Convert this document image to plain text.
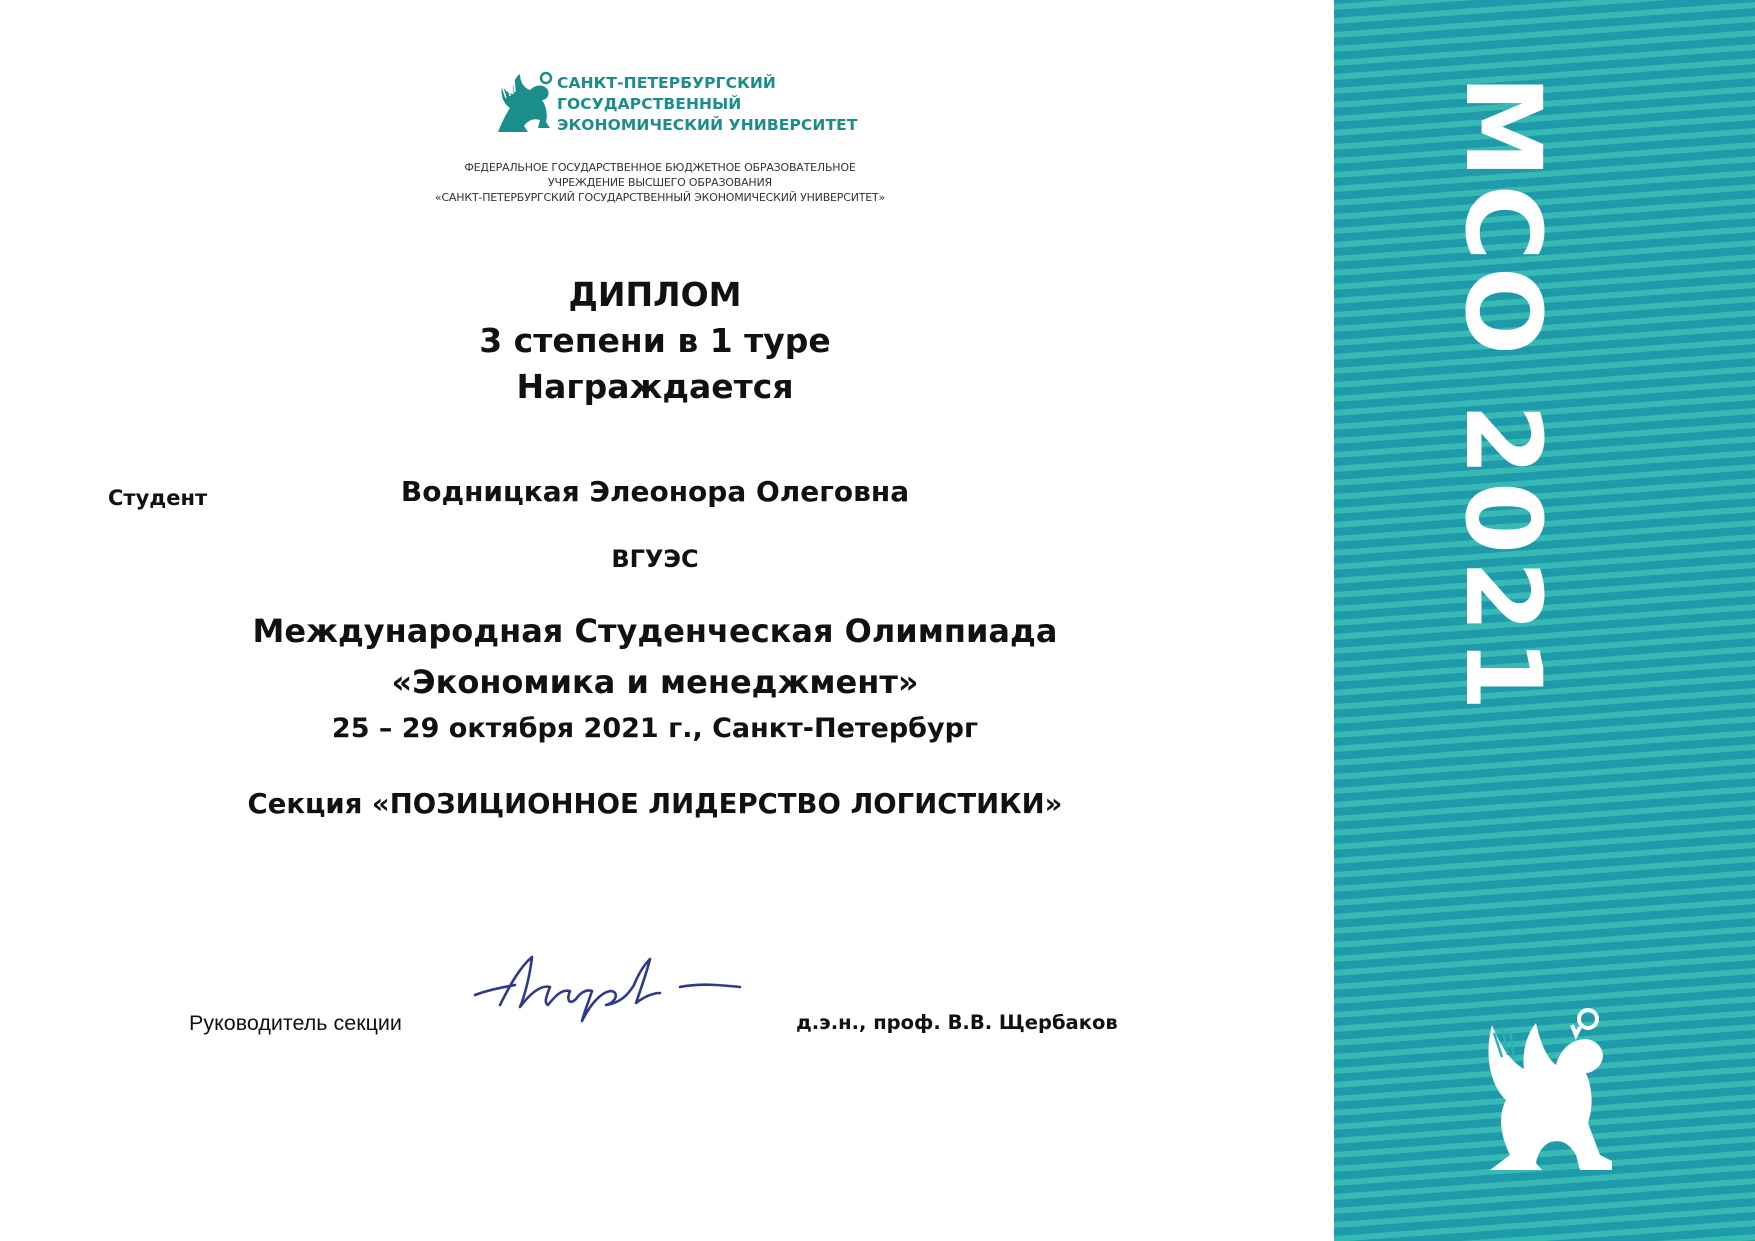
САНКТ-ПЕТЕРБУРГСКИЙ
ГОСУДАРСТВЕННЫЙ
ЭКОНОМИЧЕСКИЙ УНИВЕРСИТЕТ
ФЕДЕРАЛЬНОЕ ГОСУДАРСТВЕННОЕ БЮДЖЕТНОЕ ОБРАЗОВАТЕЛЬНОЕ
УЧРЕЖДЕНИЕ ВЫСШЕГО ОБРАЗОВАНИЯ
«САНКТ-ПЕТЕРБУРГСКИЙ ГОСУДАРСТВЕННЫЙ ЭКОНОМИЧЕСКИЙ УНИВЕРСИТЕТ»
ДИПЛОМ
3 степени в 1 туре
Награждается
Студент	Водницкая Элеонора Олеговна
ВГУЭС
Международная Студенческая Олимпиада
«Экономика и менеджмент»
25 – 29 октября 2021 г., Санкт-Петербург
Секция «ПОЗИЦИОННОЕ ЛИДЕРСТВО ЛОГИСТИКИ»
Руководитель секции	д.э.н., проф. В.В. Щербаков
МСО 2021
